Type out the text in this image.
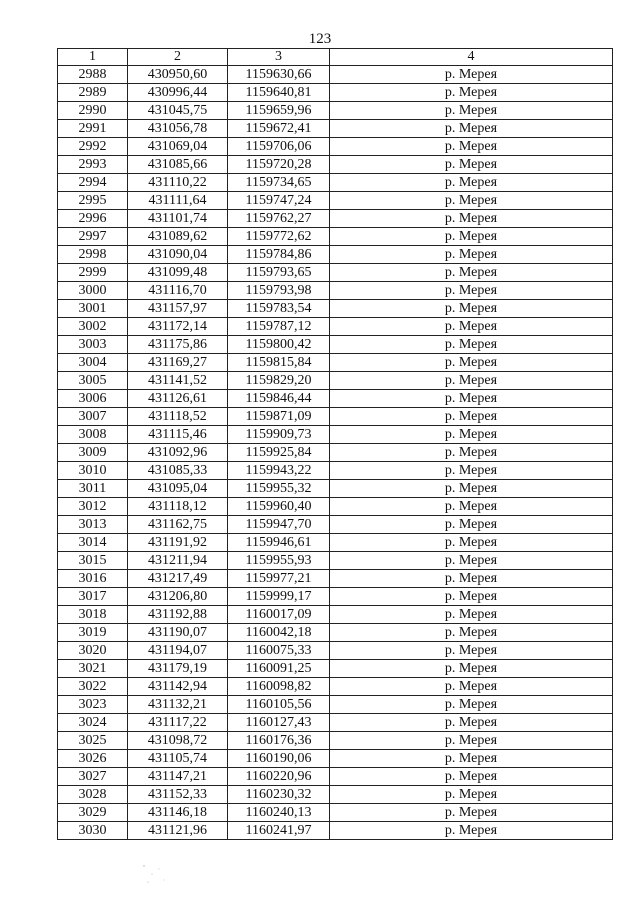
123
1	2	3	4
2988	430950,60	1159630,66	р. Мерея
2989	430996,44	1159640,81	р. Мерея
2990	431045,75	1159659,96	р. Мерея
2991	431056,78	1159672,41	р. Мерея
2992	431069,04	1159706,06	р. Мерея
2993	431085,66	1159720,28	р. Мерея
2994	431110,22	1159734,65	р. Мерея
2995	431111,64	1159747,24	р. Мерея
2996	431101,74	1159762,27	р. Мерея
2997	431089,62	1159772,62	р. Мерея
2998	431090,04	1159784,86	р. Мерея
2999	431099,48	1159793,65	р. Мерея
3000	431116,70	1159793,98	р. Мерея
3001	431157,97	1159783,54	р. Мерея
3002	431172,14	1159787,12	р. Мерея
3003	431175,86	1159800,42	р. Мерея
3004	431169,27	1159815,84	р. Мерея
3005	431141,52	1159829,20	р. Мерея
3006	431126,61	1159846,44	р. Мерея
3007	431118,52	1159871,09	р. Мерея
3008	431115,46	1159909,73	р. Мерея
3009	431092,96	1159925,84	р. Мерея
3010	431085,33	1159943,22	р. Мерея
3011	431095,04	1159955,32	р. Мерея
3012	431118,12	1159960,40	р. Мерея
3013	431162,75	1159947,70	р. Мерея
3014	431191,92	1159946,61	р. Мерея
3015	431211,94	1159955,93	р. Мерея
3016	431217,49	1159977,21	р. Мерея
3017	431206,80	1159999,17	р. Мерея
3018	431192,88	1160017,09	р. Мерея
3019	431190,07	1160042,18	р. Мерея
3020	431194,07	1160075,33	р. Мерея
3021	431179,19	1160091,25	р. Мерея
3022	431142,94	1160098,82	р. Мерея
3023	431132,21	1160105,56	р. Мерея
3024	431117,22	1160127,43	р. Мерея
3025	431098,72	1160176,36	р. Мерея
3026	431105,74	1160190,06	р. Мерея
3027	431147,21	1160220,96	р. Мерея
3028	431152,33	1160230,32	р. Мерея
3029	431146,18	1160240,13	р. Мерея
3030	431121,96	1160241,97	р. Мерея
